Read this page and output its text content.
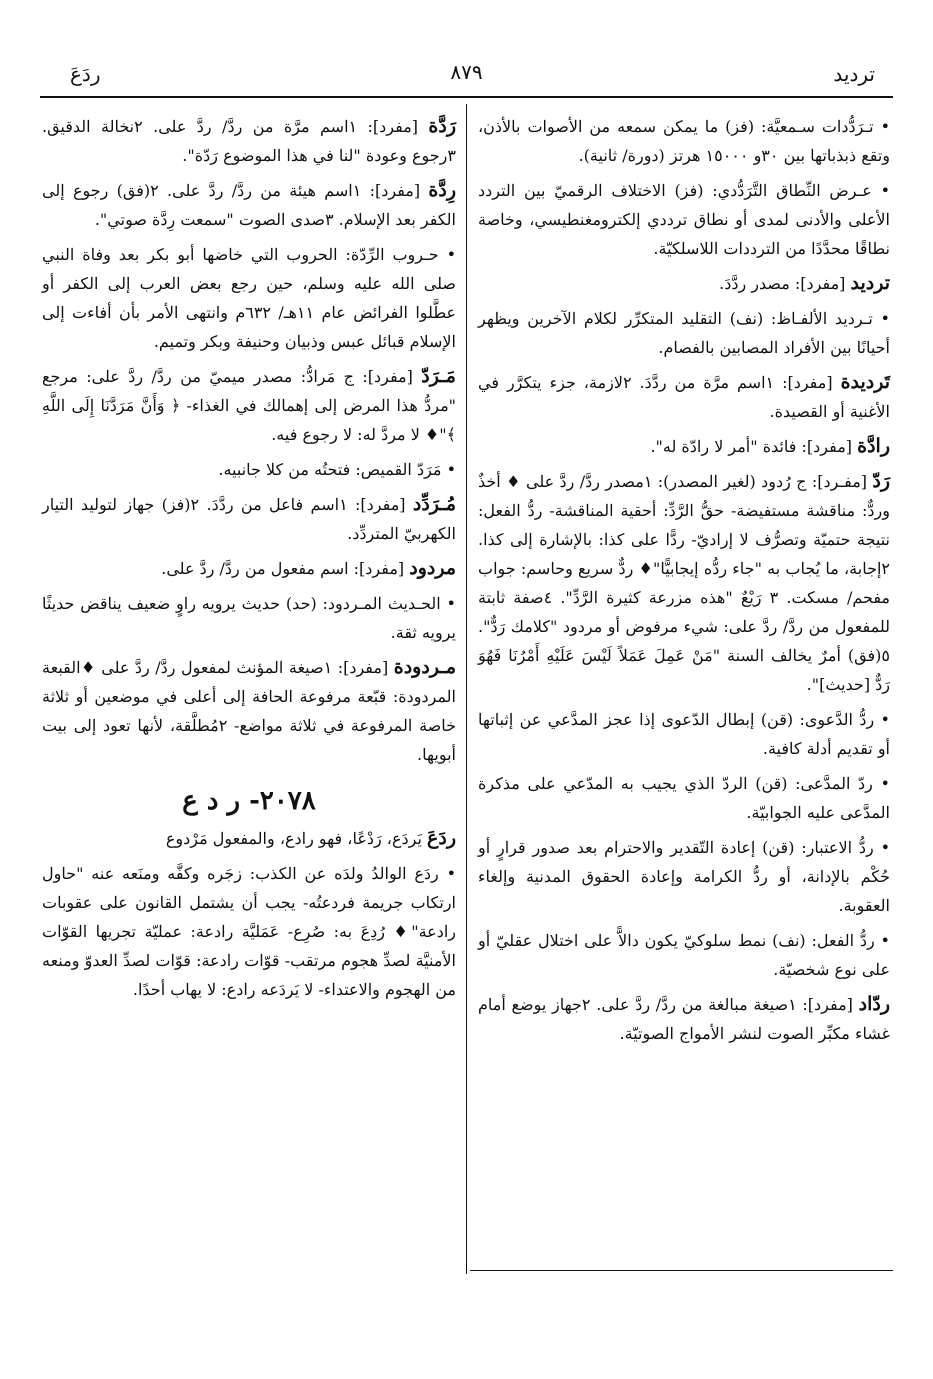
ترديد
٨٧٩
ردَعَ
• تـرَدُّدات سـمعيَّة: (فز) ما يمكن سمعه من الأصوات بالأذن، وتقع ذبذباتها بين ٣٠و ١٥٠٠٠ هرتز (دورة/ ثانية).
• عـرض النِّطاق التَّرَدُّدي: (فز) الاختلاف الرقميّ بين التردد الأعلى والأدنى لمدى أو نطاق ترددي إلكترومغنطيسي، وخاصة نطاقًا محدَّدًا من الترددات اللاسلكيّة.
ترديد [مفرد]: مصدر ردَّدَ.
• تـرديد الألفـاظ: (نف) التقليد المتكرِّر لكلام الآخرين ويظهر أحيانًا بين الأفراد المصابين بالفصام.
تَرديدة [مفرد]: ١اسم مرَّة من ردَّدَ. ٢لازمة، جزء يتكرَّر في الأغنية أو القصيدة.
رادَّة [مفرد]: فائدة "أمر لا رادّة له".
رَدّ [مفـرد]: ج رُدود (لغير المصدر): ١مصدر ردَّ/ ردَّ على ♦ أخذٌ وردٌّ: مناقشة مستفيضة- حقُّ الرَّدِّ: أحقية المناقشة- ردُّ الفعل: نتيجة حتميّة وتصرُّف لا إراديّ- ردًّا على كذا: بالإشارة إلى كذا. ٢إجابة، ما يُجاب به "جاء ردُّه إيجابيًّا"♦ ردٌّ سريع وحاسم: جواب مفحم/ مسكت. ٣ رَيْعٌ "هذه مزرعة كثيرة الرَّدِّ". ٤صفة ثابتة للمفعول من ردَّ/ ردَّ على: شيء مرفوض أو مردود "كلامك رَدٌّ". ٥(فق) أمرٌ يخالف السنة "مَنْ عَمِلَ عَمَلاً لَيْسَ عَلَيْهِ أَمْرُنَا فَهُوَ رَدٌّ [حديث]".
• ردُّ الدَّعوى: (قن) إبطال الدّعوى إذا عجز المدَّعي عن إثباتها أو تقديم أدلة كافية.
• ردّ المدَّعى: (قن) الردّ الذي يجيب به المدّعي على مذكرة المدَّعى عليه الجوابيّة.
• ردُّ الاعتبار: (قن) إعادة التّقدير والاحترام بعد صدور قرارٍ أو حُكْم بالإدانة، أو ردُّ الكرامة وإعادة الحقوق المدنية وإلغاء العقوبة.
• ردُّ الفعل: (نف) نمط سلوكيّ يكون دالاًّ على اختلال عقليّ أو على نوع شخصيّة.
ردّاد [مفرد]: ١صيغة مبالغة من ردَّ/ ردَّ على. ٢جهاز يوضع أمام غشاء مكبِّر الصوت لنشر الأمواج الصوتيّة.
رَدَّة [مفرد]: ١اسم مرَّة من ردَّ/ ردَّ على. ٢نخالة الدقيق. ٣رجوع وعودة "لنا في هذا الموضوع رَدّة".
رِدَّة [مفرد]: ١اسم هيئة من ردَّ/ ردَّ على. ٢(فق) رجوع إلى الكفر بعد الإسلام. ٣صدى الصوت "سمعت رِدَّة صوتي".
• حـروب الرِّدّة: الحروب التي خاضها أبو بكر بعد وفاة النبي صلى الله عليه وسلم، حين رجع بعض العرب إلى الكفر أو عطَّلوا الفرائض عام ١١هـ/ ٦٣٢م وانتهى الأمر بأن أفاءت إلى الإسلام قبائل عبس وذبيان وحنيفة وبكر وتميم.
مَـرَدّ [مفرد]: ج مَرادُّ: مصدر ميميّ من ردَّ/ ردَّ على: مرجع "مردُّ هذا المرض إلى إهمالك في الغذاء- ﴿ وَأَنَّ مَرَدَّنَا إِلَى اللَّهِ ﴾"♦ لا مردَّ له: لا رجوع فيه.
• مَرَدّ القميص: فتحتُه من كلا جانبيه.
مُـرَدِّد [مفرد]: ١اسم فاعل من ردَّدَ. ٢(فز) جهاز لتوليد التيار الكهربيّ المتردِّد.
مردود [مفرد]: اسم مفعول من ردَّ/ ردَّ على.
• الحـديث المـردود: (حد) حديث يرويه راوٍ ضعيف يناقض حديثًا يرويه ثقة.
مـردودة [مفرد]: ١صيغة المؤنث لمفعول ردَّ/ ردَّ على ♦القبعة المردودة: قبّعة مرفوعة الحافة إلى أعلى في موضعين أو ثلاثة خاصة المرفوعة في ثلاثة مواضع- ٢مُطلَّقة، لأنها تعود إلى بيت أبويها.
٢٠٧٨- ر د ع
ردَعَ يَردَع، رَدْعًا، فهو رادع، والمفعول مَرْدوع
• ردَع الوالدُ ولدَه عن الكذب: زجَره وكفَّه ومنَعه عنه "حاول ارتكاب جريمة فردعتُه- يجب أن يشتمل القانون على عقوبات رادعة"♦ رُدِعَ به: صُرِع- عَمَليَّة رادعة: عمليّة تجريها القوّات الأمنيَّة لصدِّ هجوم مرتقب- قوّات رادعة: قوّات لصدِّ العدوّ ومنعه من الهجوم والاعتداء- لا يَردَعه رادع: لا يهاب أحدًا.
